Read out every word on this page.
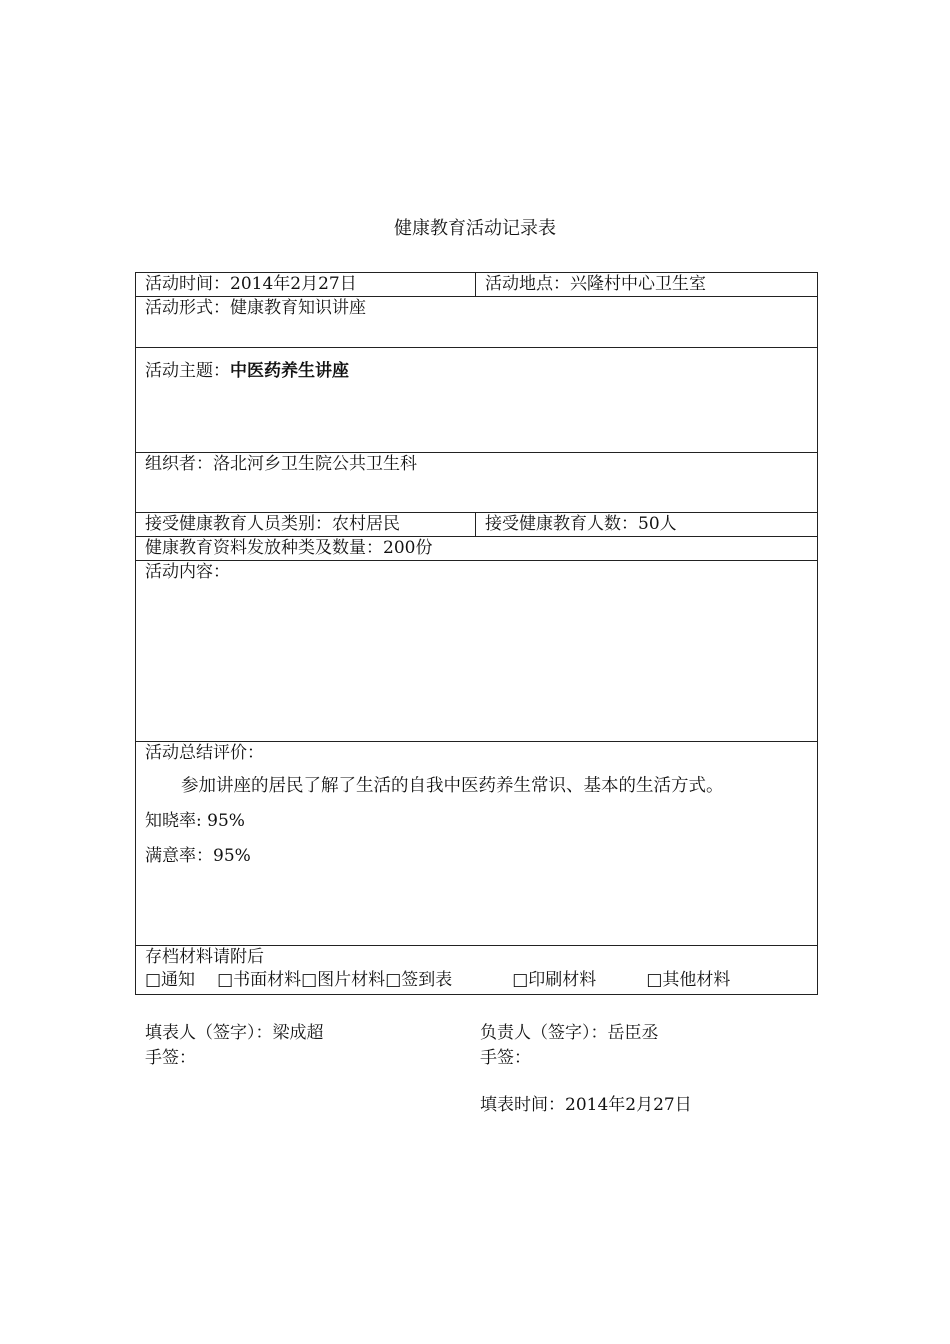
健康教育活动记录表
活动时间：2014年2月27日	活动地点：兴隆村中心卫生室
活动形式：健康教育知识讲座	

活动主题：中医药养生讲座	

组织者：洛北河乡卫生院公共卫生科	
接受健康教育人员类别：农村居民	接受健康教育人数：50人
健康教育资料发放种类及数量：200份	
活动内容：	

活动总结评价：
参加讲座的居民了解了生活的自我中医药养生常识、基本的生活方式。
知晓率: 95%
满意率：95%	

存档材料请附后
□通知 □书面材料□图片材料□签到表 □印刷材料 □其他材料	
填表人（签字）：梁成超
手签：
负责人（签字）：岳臣丞
手签：
填表时间：2014年2月27日
